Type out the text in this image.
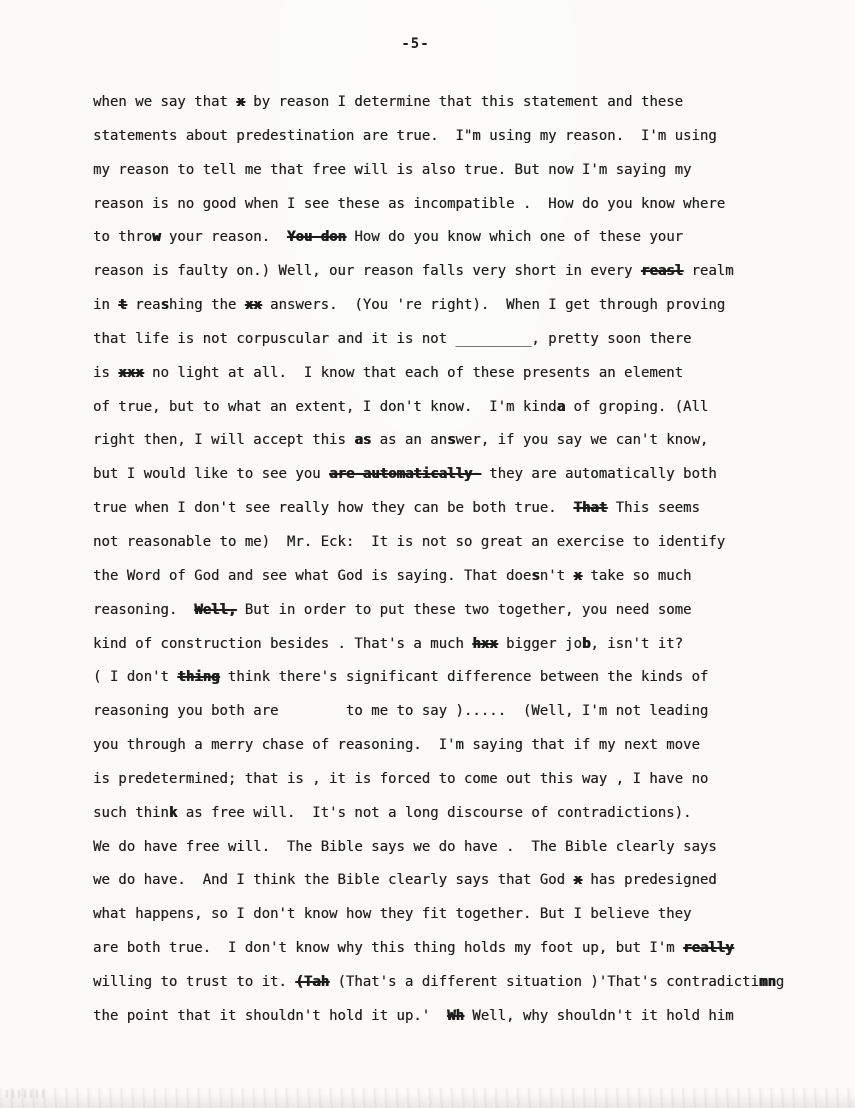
-5-
when we say that x by reason I determine that this statement and these
statements about predestination are true.  I"m using my reason.  I'm using
my reason to tell me that free will is also true. But now I'm saying my
reason is no good when I see these as incompatible .  How do you know where
to throw your reason.  You-don How do you know which one of these your
reason is faulty on.) Well, our reason falls very short in every reasl realm
in t reashing the xx answers.  (You 're right).  When I get through proving
that life is not corpuscular and it is not _________, pretty soon there
is xxx no light at all.  I know that each of these presents an element
of true, but to what an extent, I don't know.  I'm kinda of groping. (All
right then, I will accept this as as an answer, if you say we can't know,
but I would like to see you are-automatically- they are automatically both
true when I don't see really how they can be both true.  That This seems
not reasonable to me)  Mr. Eck:  It is not so great an exercise to identify
the Word of God and see what God is saying. That doesn't x take so much
reasoning.  Well, But in order to put these two together, you need some
kind of construction besides . That's a much hxx bigger job, isn't it?
( I don't thing think there's significant difference between the kinds of
reasoning you both are        to me to say ).....  (Well, I'm not leading
you through a merry chase of reasoning.  I'm saying that if my next move
is predetermined; that is , it is forced to come out this way , I have no
such think as free will.  It's not a long discourse of contradictions).
We do have free will.  The Bible says we do have .  The Bible clearly says
we do have.  And I think the Bible clearly says that God x has predesigned
what happens, so I don't know how they fit together. But I believe they
are both true.  I don't know why this thing holds my foot up, but I'm really
willing to trust to it. (Tah (That's a different situation )'That's contradictimng
the point that it shouldn't hold it up.'  Wh Well, why shouldn't it hold him
